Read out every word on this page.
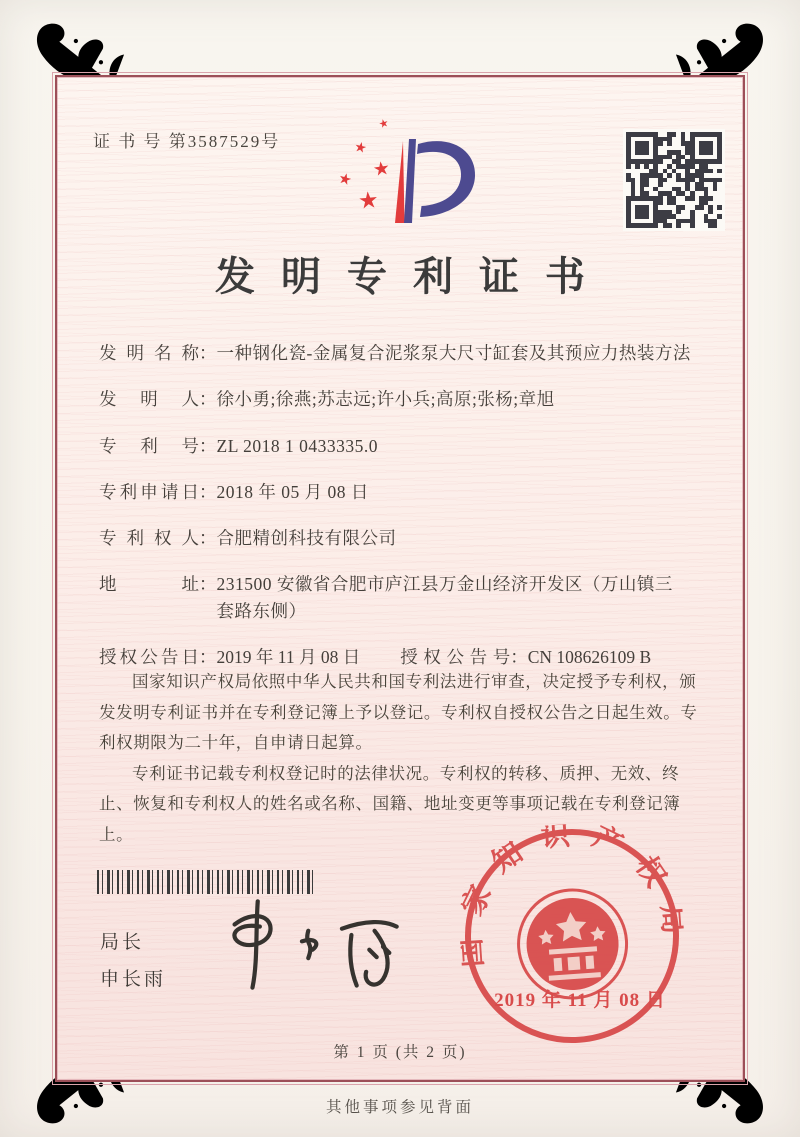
证 书 号 第3587529号
★
★
★
★
★
发明专利证书
发明名称 ： 一种钢化瓷-金属复合泥浆泵大尺寸缸套及其预应力热装方法
发明人 ： 徐小勇;徐燕;苏志远;许小兵;高原;张杨;章旭
专利号 ： ZL 2018 1 0433335.0
专利申请日 ： 2018 年 05 月 08 日
专利权人 ： 合肥精创科技有限公司
地址 ： 231500 安徽省合肥市庐江县万金山经济开发区（万山镇三套路东侧）
授权公告日 ： 2019 年 11 月 08 日 授权公告号 ： CN 108626109 B

国家知识产权局依照中华人民共和国专利法进行审查，决定授予专利权，颁发发明专利证书并在专利登记簿上予以登记。专利权自授权公告之日起生效。专利权期限为二十年，自申请日起算。

专利证书记载专利权登记时的法律状况。专利权的转移、质押、无效、终止、恢复和专利权人的姓名或名称、国籍、地址变更等事项记载在专利登记簿上。

局长
申长雨
国家知识产权局
2019 年 11 月 08 日
第 1 页 (共 2 页)
其他事项参见背面
